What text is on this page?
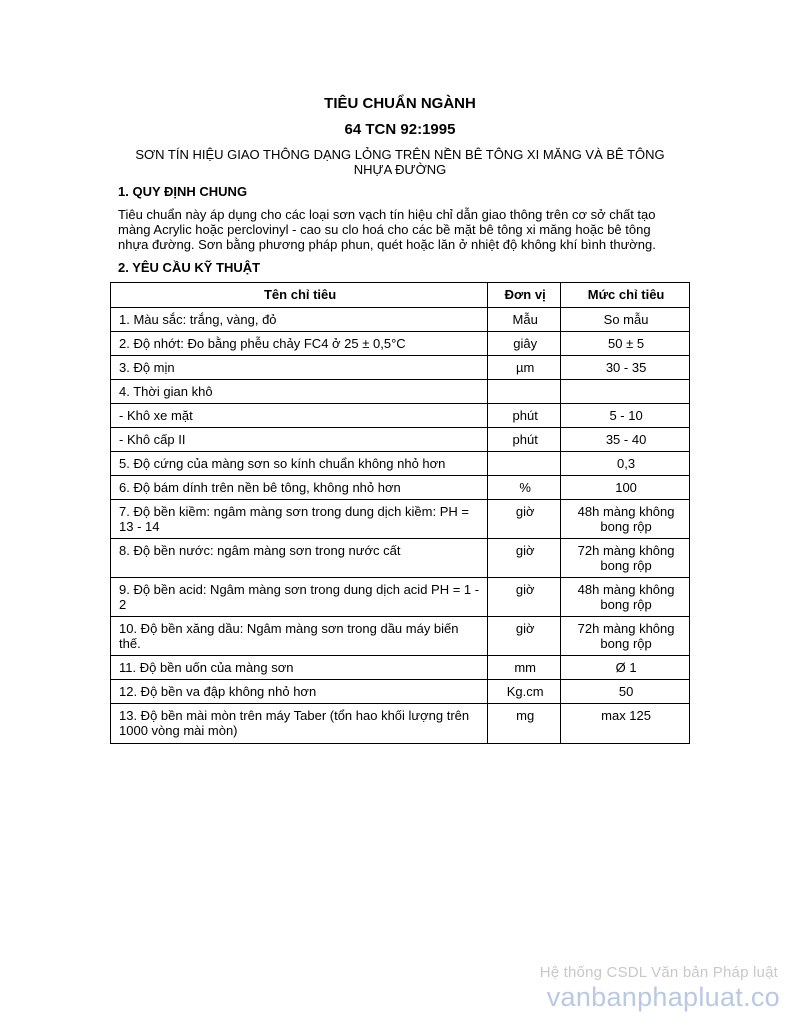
TIÊU CHUẨN NGÀNH
64 TCN 92:1995
SƠN TÍN HIỆU GIAO THÔNG DẠNG LỎNG TRÊN NỀN BÊ TÔNG XI MĂNG VÀ BÊ TÔNG NHỰA ĐƯỜNG
1. QUY ĐỊNH CHUNG
Tiêu chuẩn này áp dụng cho các loại sơn vạch tín hiệu chỉ dẫn giao thông trên cơ sở chất tạo màng Acrylic hoặc perclovinyl - cao su clo hoá cho các bề mặt bê tông xi măng hoặc bê tông nhựa đường. Sơn bằng phương pháp phun, quét hoặc lăn ở nhiệt độ không khí bình thường.
2. YÊU CẦU KỸ THUẬT
Tên chỉ tiêu	Đơn vị	Mức chỉ tiêu
1. Màu sắc: trắng, vàng, đỏ	Mẫu	So mẫu
2. Độ nhớt: Đo bằng phễu chảy FC4 ở 25 ± 0,5°C	giây	50 ± 5
3. Độ mịn	µm	30 - 35
4. Thời gian khô		
- Khô xe mặt	phút	5 - 10
- Khô cấp II	phút	35 - 40
5. Độ cứng của màng sơn so kính chuẩn không nhỏ hơn		0,3
6. Độ bám dính trên nền bê tông, không nhỏ hơn	%	100
7. Độ bền kiềm: ngâm màng sơn trong dung dịch kiềm: PH = 13 - 14	giờ	48h màng không bong rộp
8. Độ bền nước: ngâm màng sơn trong nước cất	giờ	72h màng không bong rộp
9. Độ bền acid: Ngâm màng sơn trong dung dịch acid PH = 1 - 2	giờ	48h màng không bong rộp
10. Độ bền xăng dầu: Ngâm màng sơn trong dầu máy biến thế.	giờ	72h màng không bong rộp
11. Độ bền uốn của màng sơn	mm	Ø 1
12. Độ bền va đập không nhỏ hơn	Kg.cm	50
13. Độ bền mài mòn trên máy Taber (tổn hao khối lượng trên 1000 vòng mài mòn)	mg	max 125
Hệ thống CSDL Văn bản Pháp luật
vanbanphapluat.co
